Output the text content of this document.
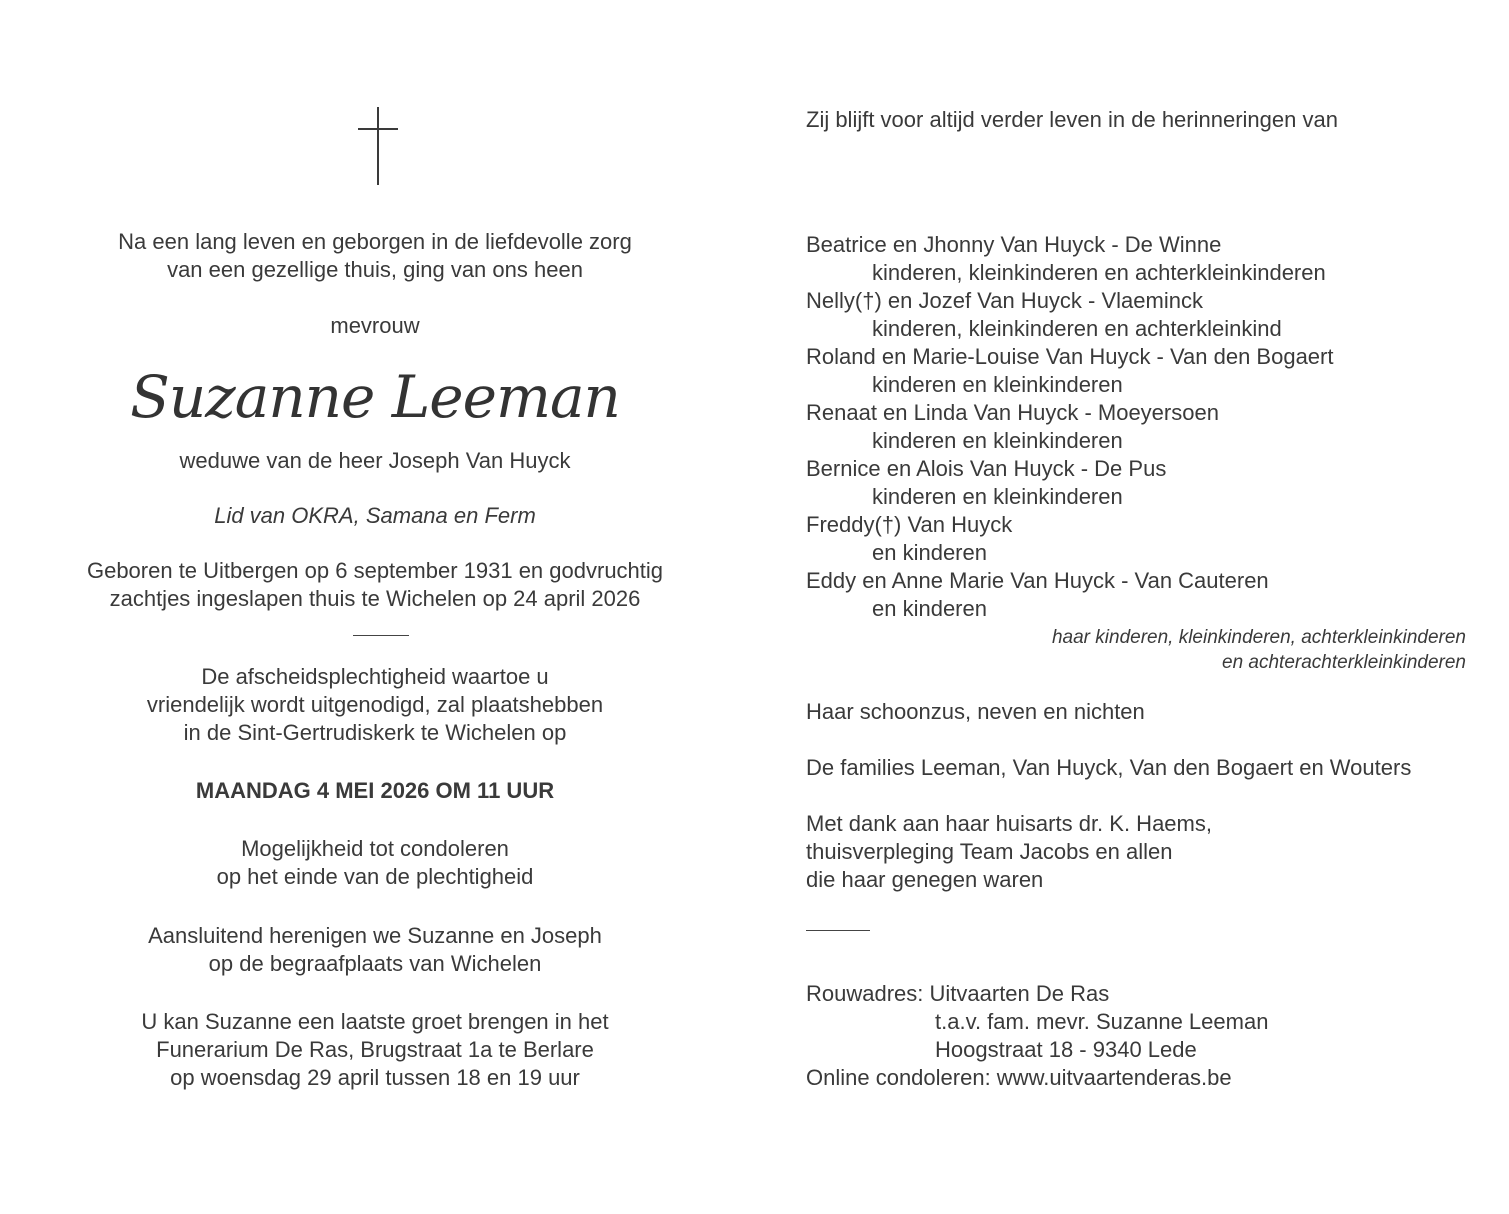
Na een lang leven en geborgen in de liefdevolle zorg
van een gezellige thuis, ging van ons heen
mevrouw
Suzanne Leeman
weduwe van de heer Joseph Van Huyck
Lid van OKRA, Samana en Ferm
Geboren te Uitbergen op 6 september 1931 en godvruchtig
zachtjes ingeslapen thuis te Wichelen op 24 april 2026
De afscheidsplechtigheid waartoe u
vriendelijk wordt uitgenodigd, zal plaatshebben
in de Sint-Gertrudiskerk te Wichelen op
MAANDAG 4 MEI 2026 OM 11 UUR
Mogelijkheid tot condoleren
op het einde van de plechtigheid
Aansluitend herenigen we Suzanne en Joseph
op de begraafplaats van Wichelen
U kan Suzanne een laatste groet brengen in het
Funerarium De Ras, Brugstraat 1a te Berlare
op woensdag 29 april tussen 18 en 19 uur
Zij blijft voor altijd verder leven in de herinneringen van
Beatrice en Jhonny Van Huyck - De Winne
kinderen, kleinkinderen en achterkleinkinderen
Nelly(†) en Jozef Van Huyck - Vlaeminck
kinderen, kleinkinderen en achterkleinkind
Roland en Marie-Louise Van Huyck - Van den Bogaert
kinderen en kleinkinderen
Renaat en Linda Van Huyck - Moeyersoen
kinderen en kleinkinderen
Bernice en Alois Van Huyck - De Pus
kinderen en kleinkinderen
Freddy(†) Van Huyck
en kinderen
Eddy en Anne Marie Van Huyck - Van Cauteren
en kinderen
haar kinderen, kleinkinderen, achterkleinkinderen
en achterachterkleinkinderen
Haar schoonzus, neven en nichten
De families Leeman, Van Huyck, Van den Bogaert en Wouters
Met dank aan haar huisarts dr. K. Haems,
thuisverpleging Team Jacobs en allen
die haar genegen waren
Rouwadres: Uitvaarten De Ras
t.a.v. fam. mevr. Suzanne Leeman
Hoogstraat 18 - 9340 Lede
Online condoleren: www.uitvaartenderas.be
